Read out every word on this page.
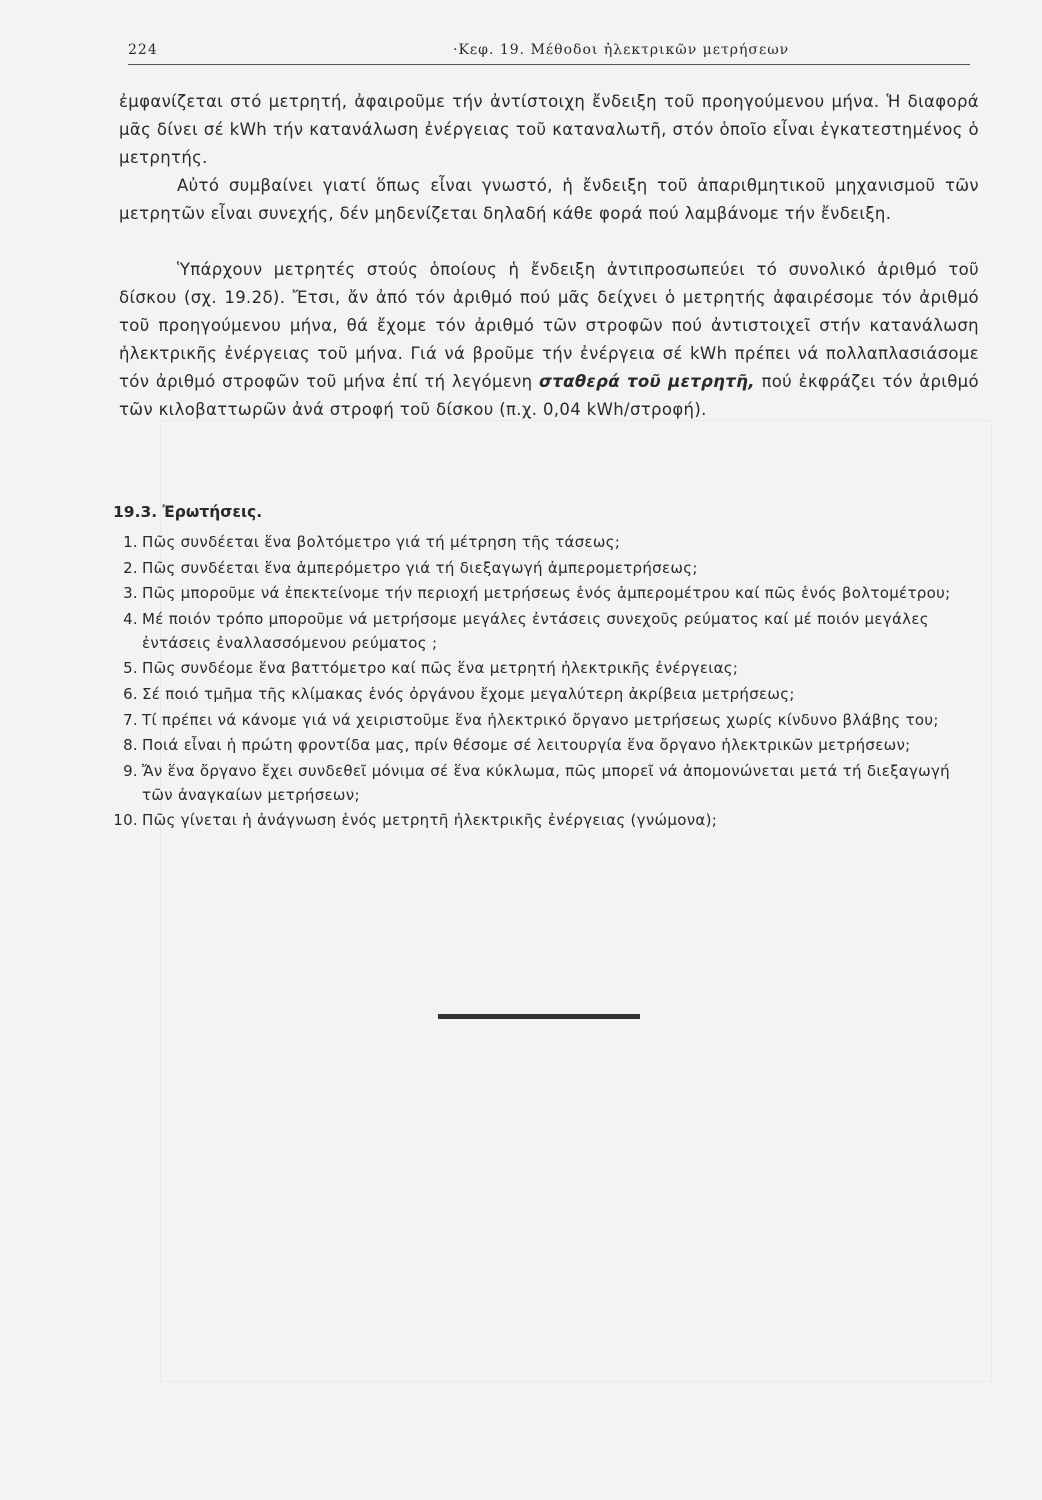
224	·Κεφ. 19. Μέθοδοι ἠλεκτρικῶν μετρήσεων

ἐμφανίζεται στό μετρητή, ἀφαιροῦμε τήν ἀντίστοιχη ἔνδειξη τοῦ προηγούμενου μήνα. Ἡ διαφορά μᾶς δίνει σέ kWh τήν κατανάλωση ἐνέργειας τοῦ καταναλωτῆ, στόν ὁποῖο εἶναι ἐγκατεστημένος ὁ μετρητής.

Αὐτό συμβαίνει γιατί ὅπως εἶναι γνωστό, ἡ ἔνδειξη τοῦ ἀπαριθμητικοῦ μηχανισμοῦ τῶν μετρητῶν εἶναι συνεχής, δέν μηδενίζεται δηλαδή κάθε φορά πού λαμβάνομε τήν ἔνδειξη.

Ὑπάρχουν μετρητές στούς ὁποίους ἡ ἔνδειξη ἀντιπροσωπεύει τό συνολικό ἀριθμό τοῦ δίσκου (σχ. 19.2δ). Ἔτσι, ἄν ἀπό τόν ἀριθμό πού μᾶς δείχνει ὁ μετρητής ἀφαιρέσομε τόν ἀριθμό τοῦ προηγούμενου μήνα, θά ἔχομε τόν ἀριθμό τῶν στροφῶν πού ἀντιστοιχεῖ στήν κατανάλωση ἠλεκτρικῆς ἐνέργειας τοῦ μήνα. Γιά νά βροῦμε τήν ἐνέργεια σέ kWh πρέπει νά πολλαπλασιάσομε τόν ἀριθμό στροφῶν τοῦ μήνα ἐπί τή λεγόμενη σταθερά τοῦ μετρητῆ, πού ἐκφράζει τόν ἀριθμό τῶν κιλοβαττωρῶν ἀνά στροφή τοῦ δίσκου (π.χ. 0,04 kWh/στροφή).

19.3. Ἐρωτήσεις.
1. Πῶς συνδέεται ἕνα βολτόμετρο γιά τή μέτρηση τῆς τάσεως;
2. Πῶς συνδέεται ἕνα ἀμπερόμετρο γιά τή διεξαγωγή ἀμπερομετρήσεως;
3. Πῶς μποροῦμε νά ἐπεκτείνομε τήν περιοχή μετρήσεως ἑνός ἀμπερομέτρου καί πῶς ἑνός βολτομέτρου;
4. Μέ ποιόν τρόπο μποροῦμε νά μετρήσομε μεγάλες ἐντάσεις συνεχοῦς ρεύματος καί μέ ποιόν μεγάλες ἐντάσεις ἐναλλασσόμενου ρεύματος ;
5. Πῶς συνδέομε ἕνα βαττόμετρο καί πῶς ἕνα μετρητή ἠλεκτρικῆς ἐνέργειας;
6. Σέ ποιό τμῆμα τῆς κλίμακας ἑνός ὀργάνου ἔχομε μεγαλύτερη ἀκρίβεια μετρήσεως;
7. Τί πρέπει νά κάνομε γιά νά χειριστοῦμε ἕνα ἠλεκτρικό ὄργανο μετρήσεως χωρίς κίνδυνο βλάβης του;
8. Ποιά εἶναι ἡ πρώτη φροντίδα μας, πρίν θέσομε σέ λειτουργία ἕνα ὄργανο ἠλεκτρικῶν μετρήσεων;
9. Ἄν ἕνα ὄργανο ἔχει συνδεθεῖ μόνιμα σέ ἕνα κύκλωμα, πῶς μπορεῖ νά ἀπομονώνεται μετά τή διεξαγωγή τῶν ἀναγκαίων μετρήσεων;
10. Πῶς γίνεται ἡ ἀνάγνωση ἑνός μετρητῆ ἠλεκτρικῆς ἐνέργειας (γνώμονα);
